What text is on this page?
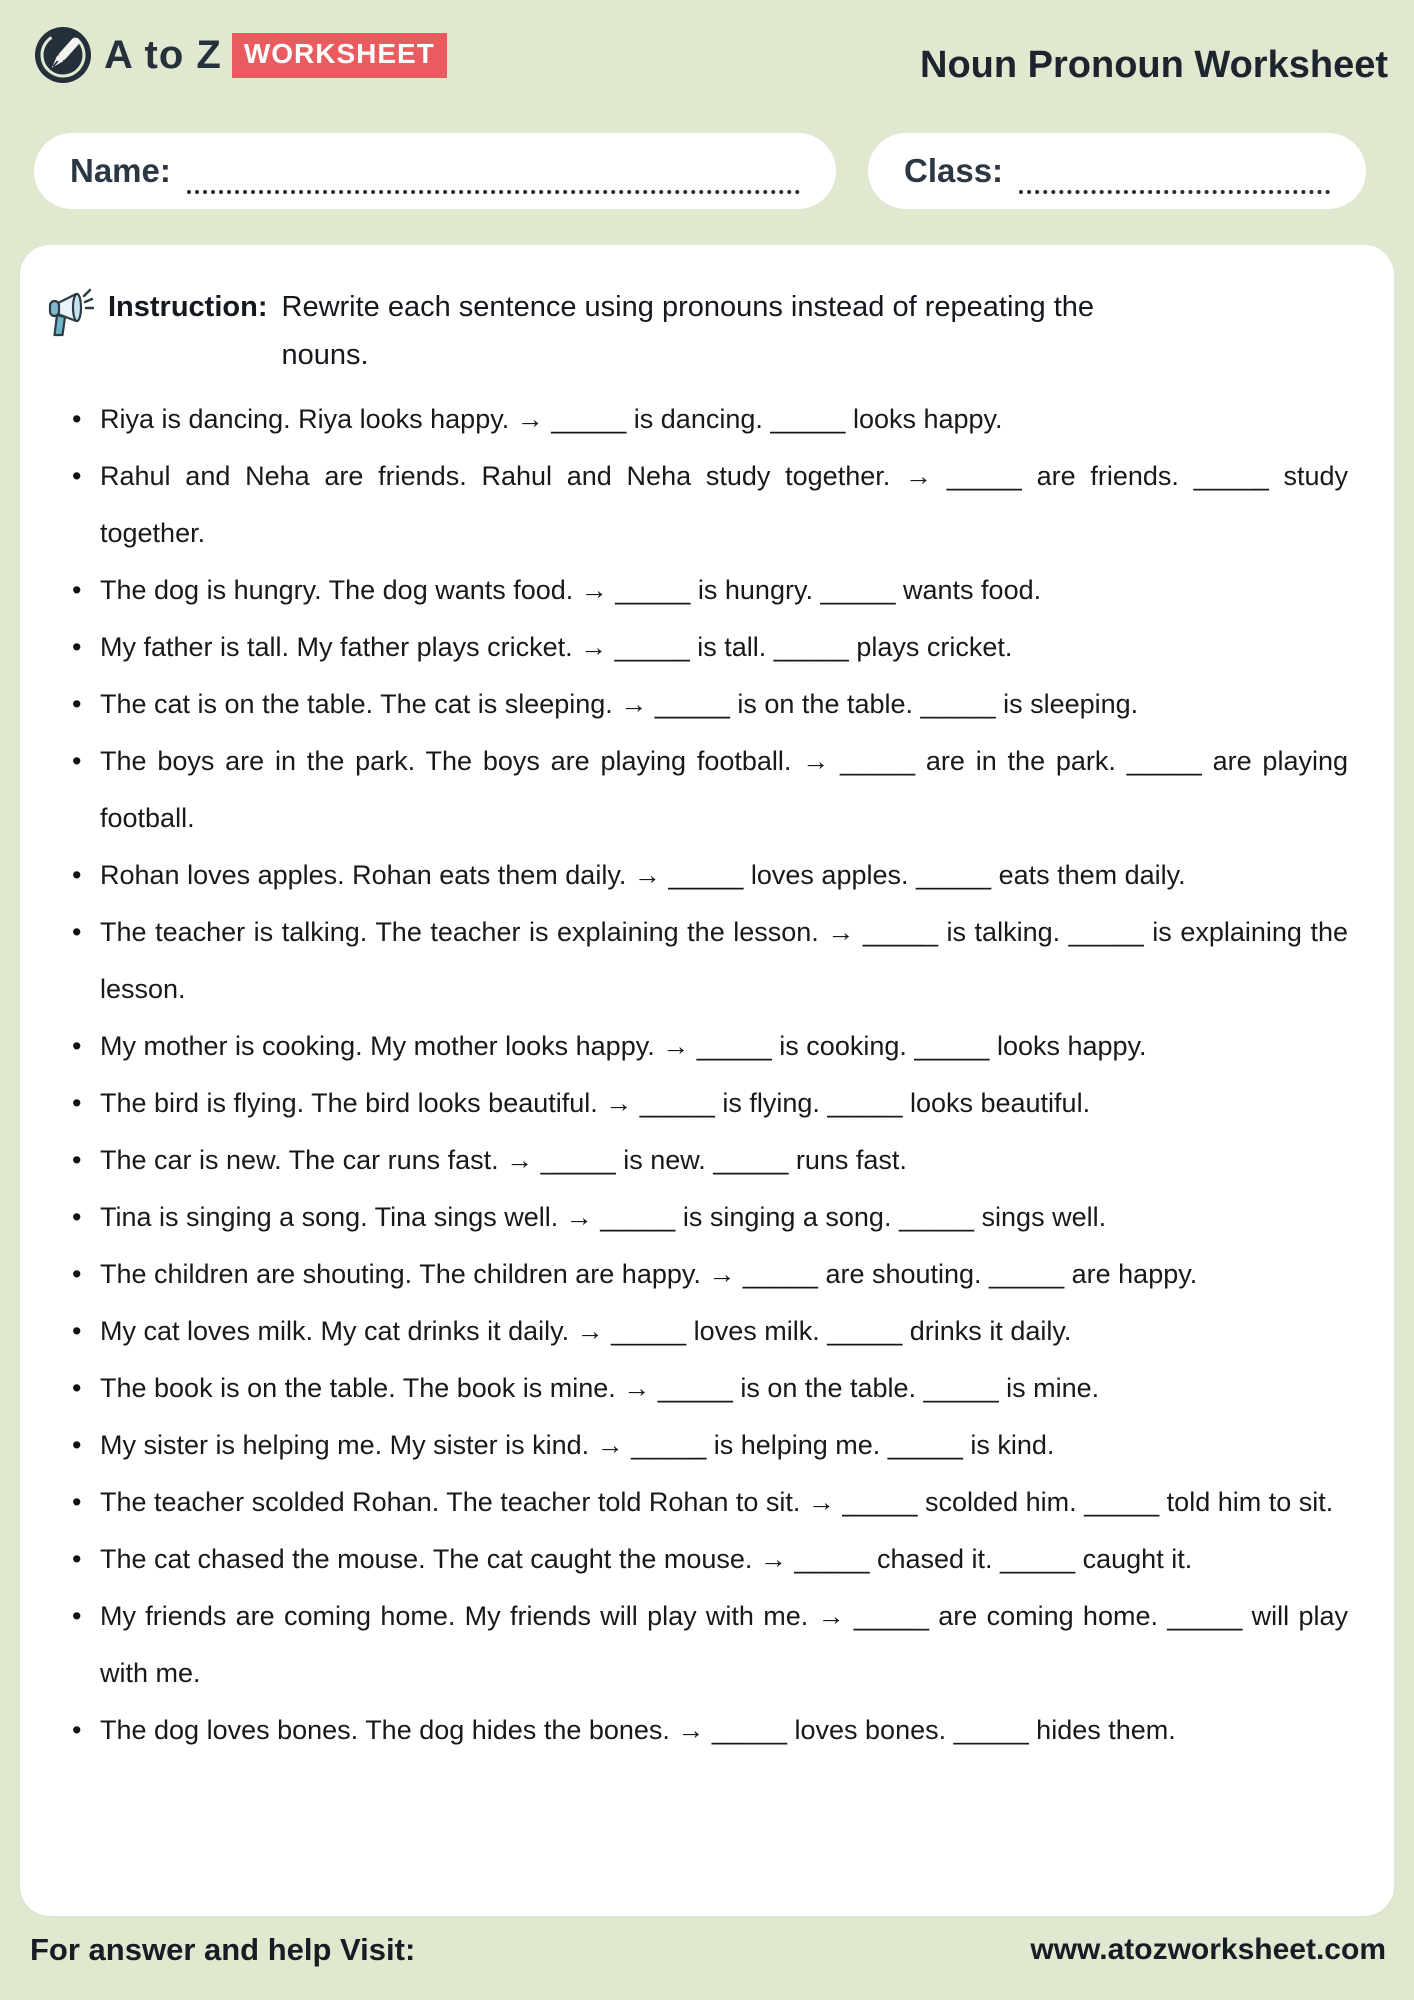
A to Z WORKSHEET	Noun Pronoun Worksheet
Name:	Class:
Instruction: Rewrite each sentence using pronouns instead of repeating the nouns.
• Riya is dancing. Riya looks happy. → _____ is dancing. _____ looks happy.
• Rahul and Neha are friends. Rahul and Neha study together. → _____ are friends. _____ study together.
• The dog is hungry. The dog wants food. → _____ is hungry. _____ wants food.
• My father is tall. My father plays cricket. → _____ is tall. _____ plays cricket.
• The cat is on the table. The cat is sleeping. → _____ is on the table. _____ is sleeping.
• The boys are in the park. The boys are playing football. → _____ are in the park. _____ are playing football.
• Rohan loves apples. Rohan eats them daily. → _____ loves apples. _____ eats them daily.
• The teacher is talking. The teacher is explaining the lesson. → _____ is talking. _____ is explaining the lesson.
• My mother is cooking. My mother looks happy. → _____ is cooking. _____ looks happy.
• The bird is flying. The bird looks beautiful. → _____ is flying. _____ looks beautiful.
• The car is new. The car runs fast. → _____ is new. _____ runs fast.
• Tina is singing a song. Tina sings well. → _____ is singing a song. _____ sings well.
• The children are shouting. The children are happy. → _____ are shouting. _____ are happy.
• My cat loves milk. My cat drinks it daily. → _____ loves milk. _____ drinks it daily.
• The book is on the table. The book is mine. → _____ is on the table. _____ is mine.
• My sister is helping me. My sister is kind. → _____ is helping me. _____ is kind.
• The teacher scolded Rohan. The teacher told Rohan to sit. → _____ scolded him. _____ told him to sit.
• The cat chased the mouse. The cat caught the mouse. → _____ chased it. _____ caught it.
• My friends are coming home. My friends will play with me. → _____ are coming home. _____ will play with me.
• The dog loves bones. The dog hides the bones. → _____ loves bones. _____ hides them.
For answer and help Visit:	www.atozworksheet.com
